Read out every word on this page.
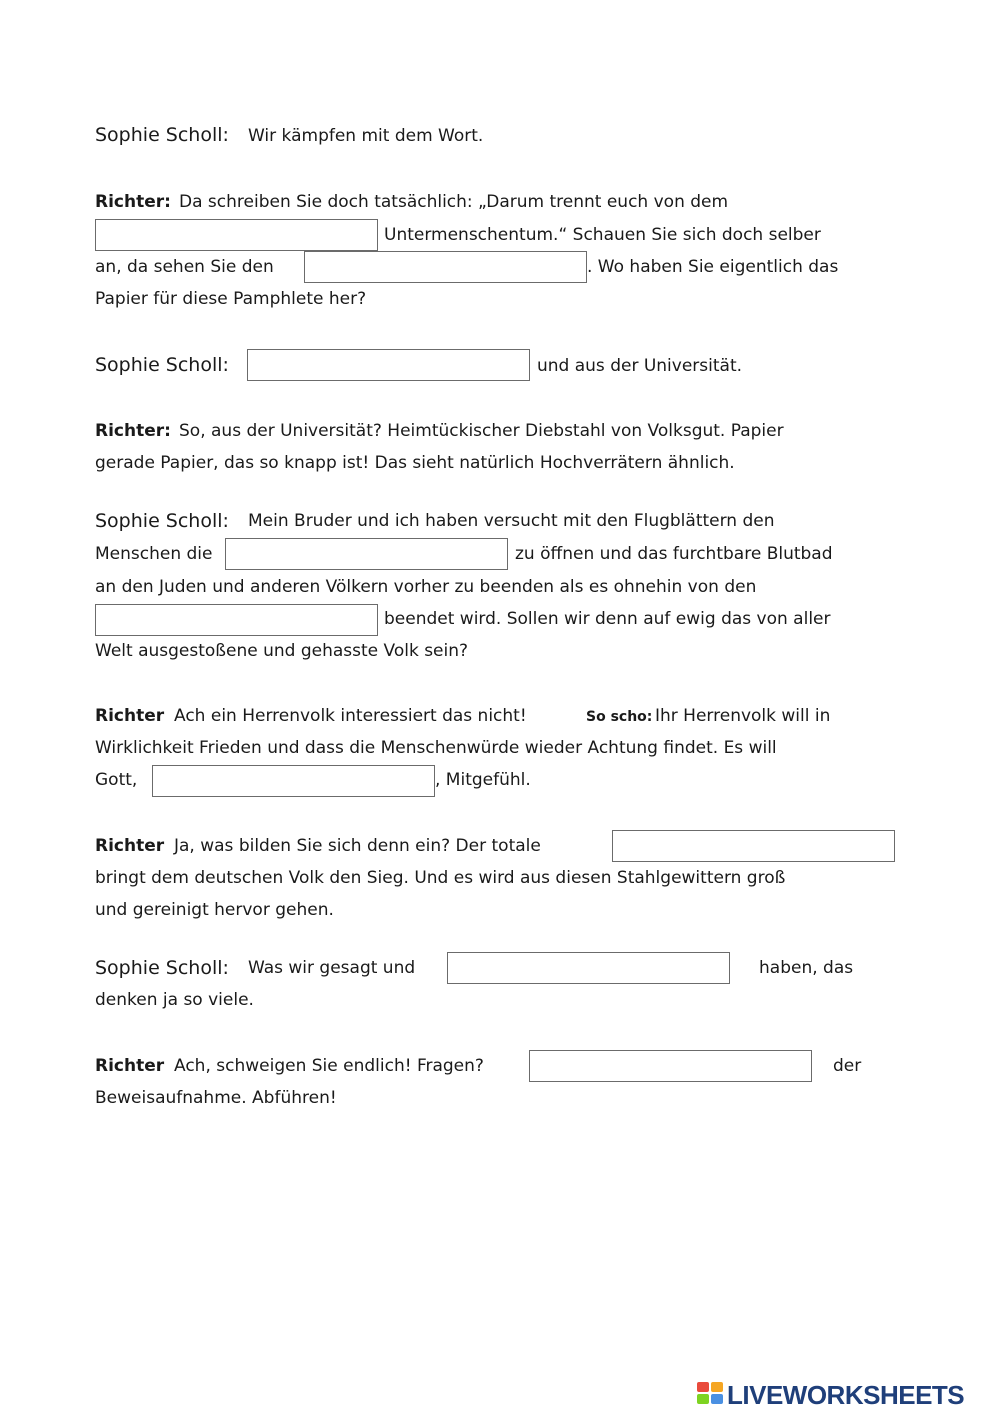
Sophie Scholl: Wir kämpfen mit dem Wort.
Richter: Da schreiben Sie doch tatsächlich: „Darum trennt euch von dem
Untermenschentum.“ Schauen Sie sich doch selber
an, da sehen Sie den	. Wo haben Sie eigentlich das
Papier für diese Pamphlete her?
Sophie Scholl:	und aus der Universität.
Richter: So, aus der Universität? Heimtückischer Diebstahl von Volksgut. Papier
gerade Papier, das so knapp ist! Das sieht natürlich Hochverrätern ähnlich.
Sophie Scholl: Mein Bruder und ich haben versucht mit den Flugblättern den
Menschen die	zu öffnen und das furchtbare Blutbad
an den Juden und anderen Völkern vorher zu beenden als es ohnehin von den
beendet wird. Sollen wir denn auf ewig das von aller
Welt ausgestoßene und gehasste Volk sein?
Richter Ach ein Herrenvolk interessiert das nicht!	So scho: Ihr Herrenvolk will in
Wirklichkeit Frieden und dass die Menschenwürde wieder Achtung findet. Es will
Gott,	, Mitgefühl.
Richter Ja, was bilden Sie sich denn ein? Der totale
bringt dem deutschen Volk den Sieg. Und es wird aus diesen Stahlgewittern groß
und gereinigt hervor gehen.
Sophie Scholl: Was wir gesagt und	haben, das
denken ja so viele.
Richter Ach, schweigen Sie endlich! Fragen?	der
Beweisaufnahme. Abführen!
LIVEWORKSHEETS
